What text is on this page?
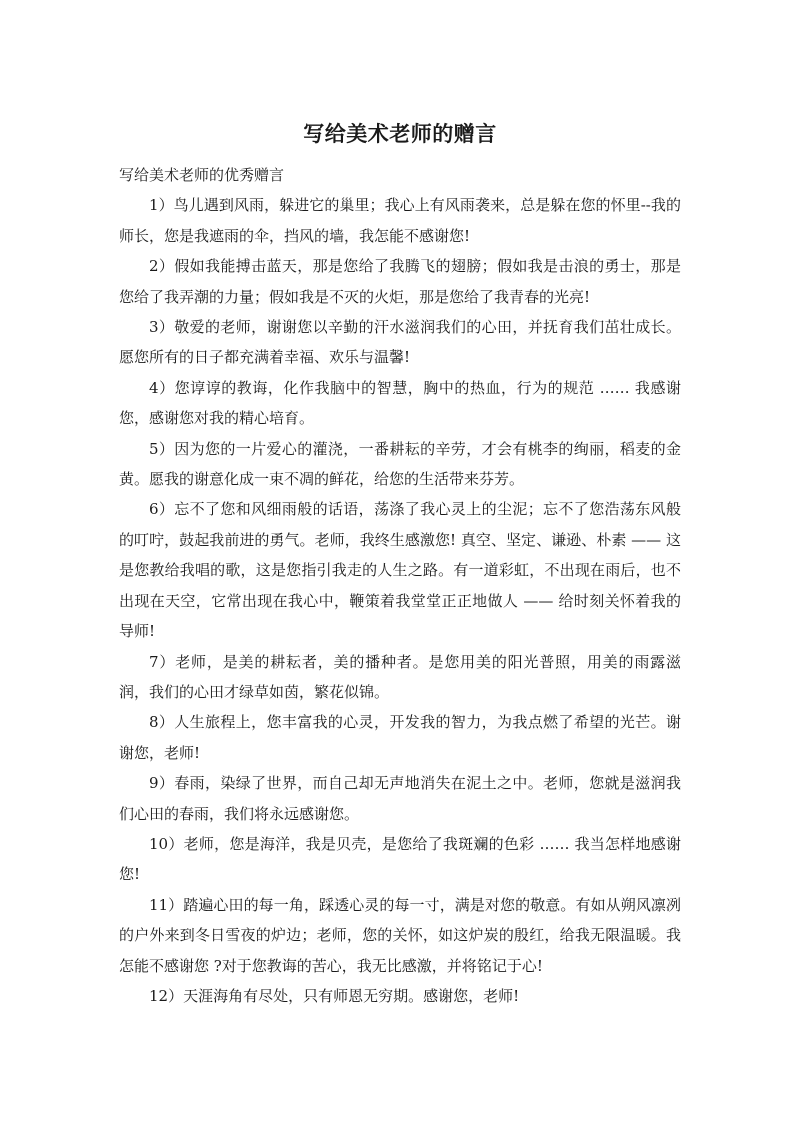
写给美术老师的赠言

写给美术老师的优秀赠言

1）鸟儿遇到风雨，躲进它的巢里；我心上有风雨袭来，总是躲在您的怀里--我的师长，您是我遮雨的伞，挡风的墙，我怎能不感谢您!

2）假如我能搏击蓝天，那是您给了我腾飞的翅膀；假如我是击浪的勇士，那是您给了我弄潮的力量；假如我是不灭的火炬，那是您给了我青春的光亮!

3）敬爱的老师，谢谢您以辛勤的汗水滋润我们的心田，并抚育我们茁壮成长。愿您所有的日子都充满着幸福、欢乐与温馨!

4）您谆谆的教诲，化作我脑中的智慧，胸中的热血，行为的规范 …… 我感谢您，感谢您对我的精心培育。

5）因为您的一片爱心的灌浇，一番耕耘的辛劳，才会有桃李的绚丽，稻麦的金黄。愿我的谢意化成一束不凋的鲜花，给您的生活带来芬芳。

6）忘不了您和风细雨般的话语，荡涤了我心灵上的尘泥；忘不了您浩荡东风般的叮咛，鼓起我前进的勇气。老师，我终生感激您! 真空、坚定、谦逊、朴素 —— 这是您教给我唱的歌，这是您指引我走的人生之路。有一道彩虹，不出现在雨后，也不出现在天空，它常出现在我心中，鞭策着我堂堂正正地做人 —— 给时刻关怀着我的导师!

7）老师，是美的耕耘者，美的播种者。是您用美的阳光普照，用美的雨露滋润，我们的心田才绿草如茵，繁花似锦。

8）人生旅程上，您丰富我的心灵，开发我的智力，为我点燃了希望的光芒。谢谢您，老师!

9）春雨，染绿了世界，而自己却无声地消失在泥土之中。老师，您就是滋润我们心田的春雨，我们将永远感谢您。

10）老师，您是海洋，我是贝壳，是您给了我斑斓的色彩 …… 我当怎样地感谢您!

11）踏遍心田的每一角，踩透心灵的每一寸，满是对您的敬意。有如从朔风凛冽的户外来到冬日雪夜的炉边；老师，您的关怀，如这炉炭的殷红，给我无限温暖。我怎能不感谢您 ?对于您教诲的苦心，我无比感激，并将铭记于心!

12）天涯海角有尽处，只有师恩无穷期。感谢您，老师!
